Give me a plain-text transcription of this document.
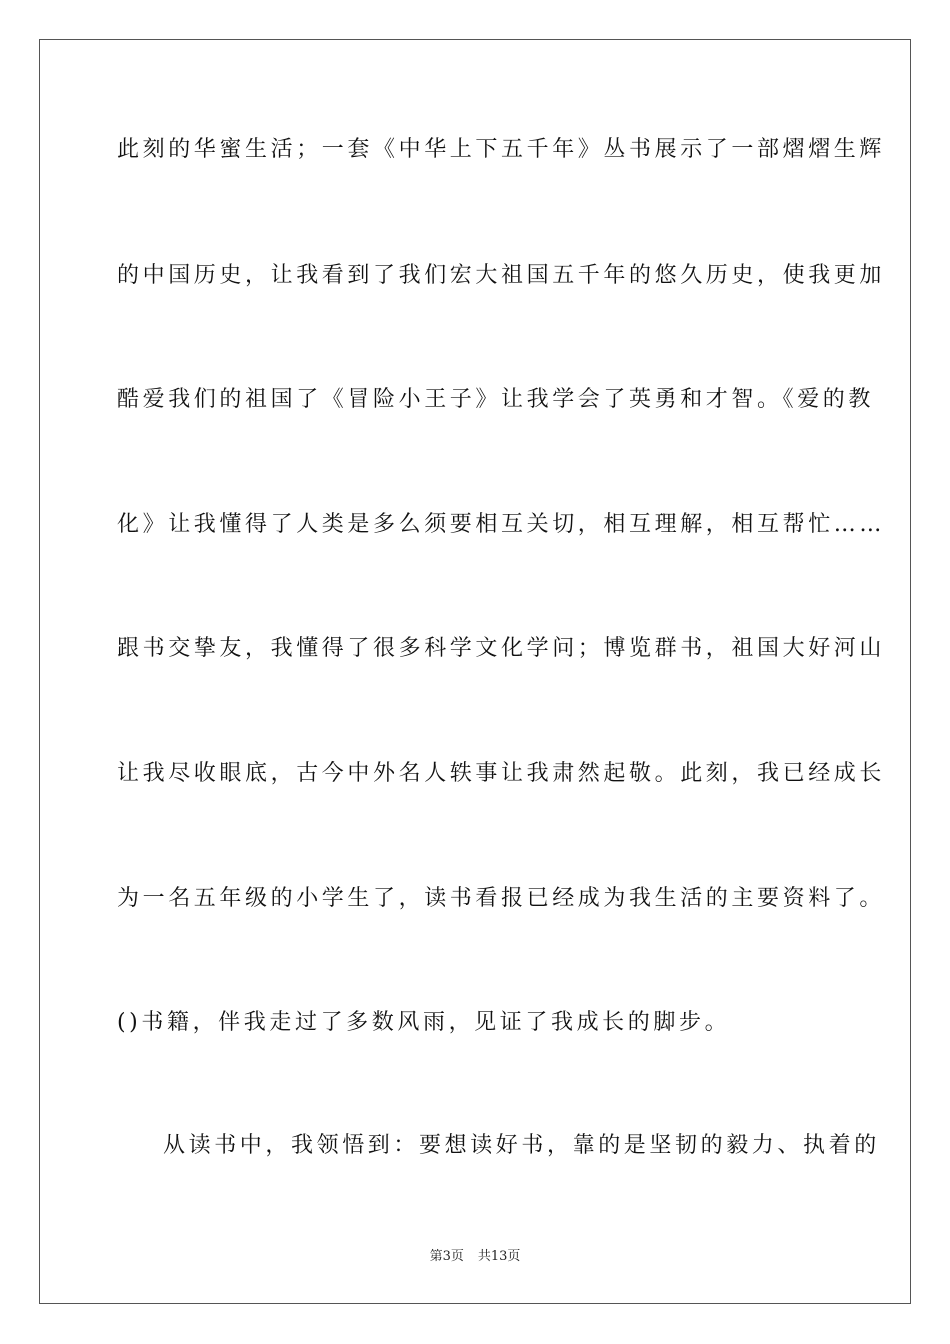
此刻的华蜜生活；一套《中华上下五千年》丛书展示了一部熠熠生辉
的中国历史，让我看到了我们宏大祖国五千年的悠久历史，使我更加
酷爱我们的祖国了《冒险小王子》让我学会了英勇和才智。《爱的教
化》让我懂得了人类是多么须要相互关切，相互理解，相互帮忙……
跟书交挚友，我懂得了很多科学文化学问；博览群书，祖国大好河山
让我尽收眼底，古今中外名人轶事让我肃然起敬。此刻，我已经成长
为一名五年级的小学生了，读书看报已经成为我生活的主要资料了。
()书籍，伴我走过了多数风雨，见证了我成长的脚步。
从读书中，我领悟到：要想读好书，靠的是坚韧的毅力、执着的
第3页 共13页
